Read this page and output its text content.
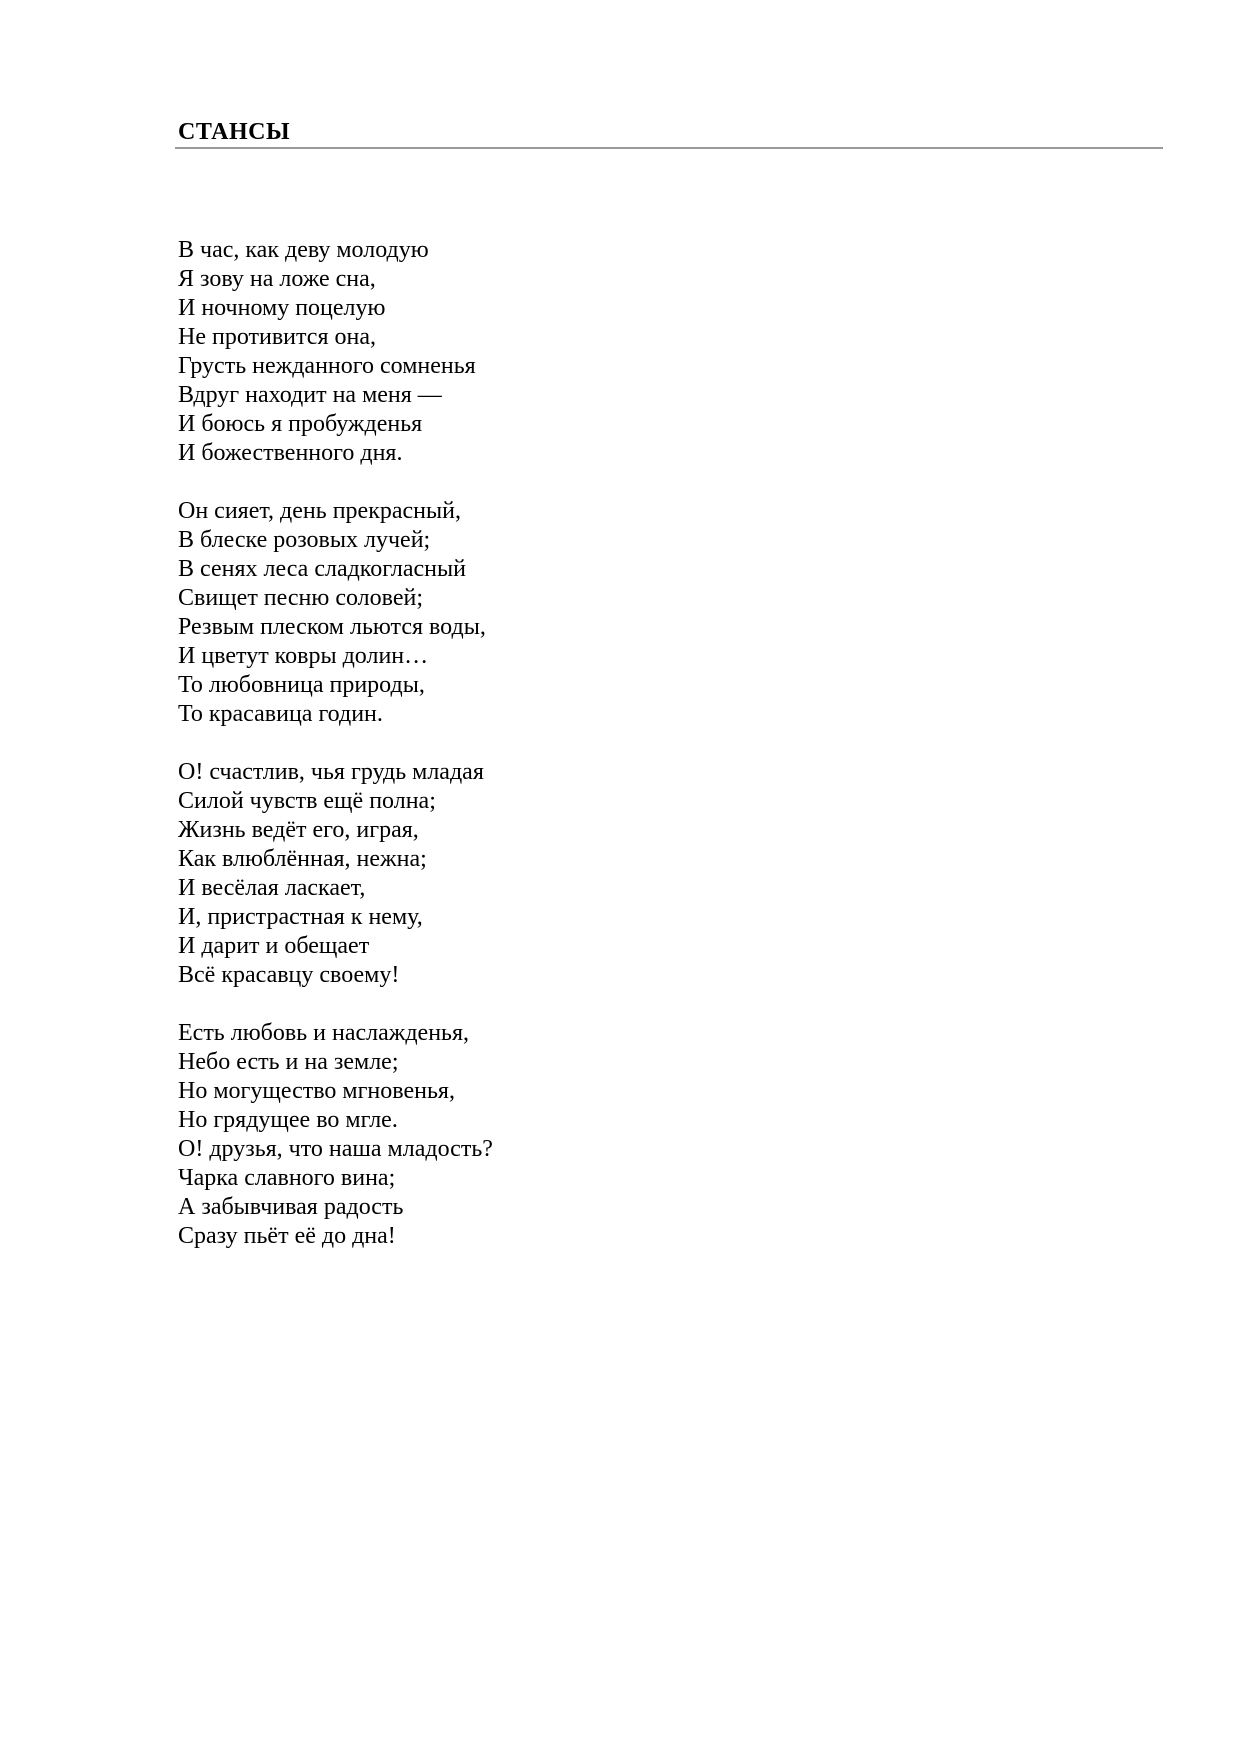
СТАНСЫ
В час, как деву молодую
Я зову на ложе сна,
И ночному поцелую
Не противится она,
Грусть нежданного сомненья
Вдруг находит на меня —
И боюсь я пробужденья
И божественного дня.
Он сияет, день прекрасный,
В блеске розовых лучей;
В сенях леса сладкогласный
Свищет песню соловей;
Резвым плеском льются воды,
И цветут ковры долин…
То любовница природы,
То красавица годин.
О! счастлив, чья грудь младая
Силой чувств ещё полна;
Жизнь ведёт его, играя,
Как влюблённая, нежна;
И весёлая ласкает,
И, пристрастная к нему,
И дарит и обещает
Всё красавцу своему!
Есть любовь и наслажденья,
Небо есть и на земле;
Но могущество мгновенья,
Но грядущее во мгле.
О! друзья, что наша младость?
Чарка славного вина;
А забывчивая радость
Сразу пьёт её до дна!
